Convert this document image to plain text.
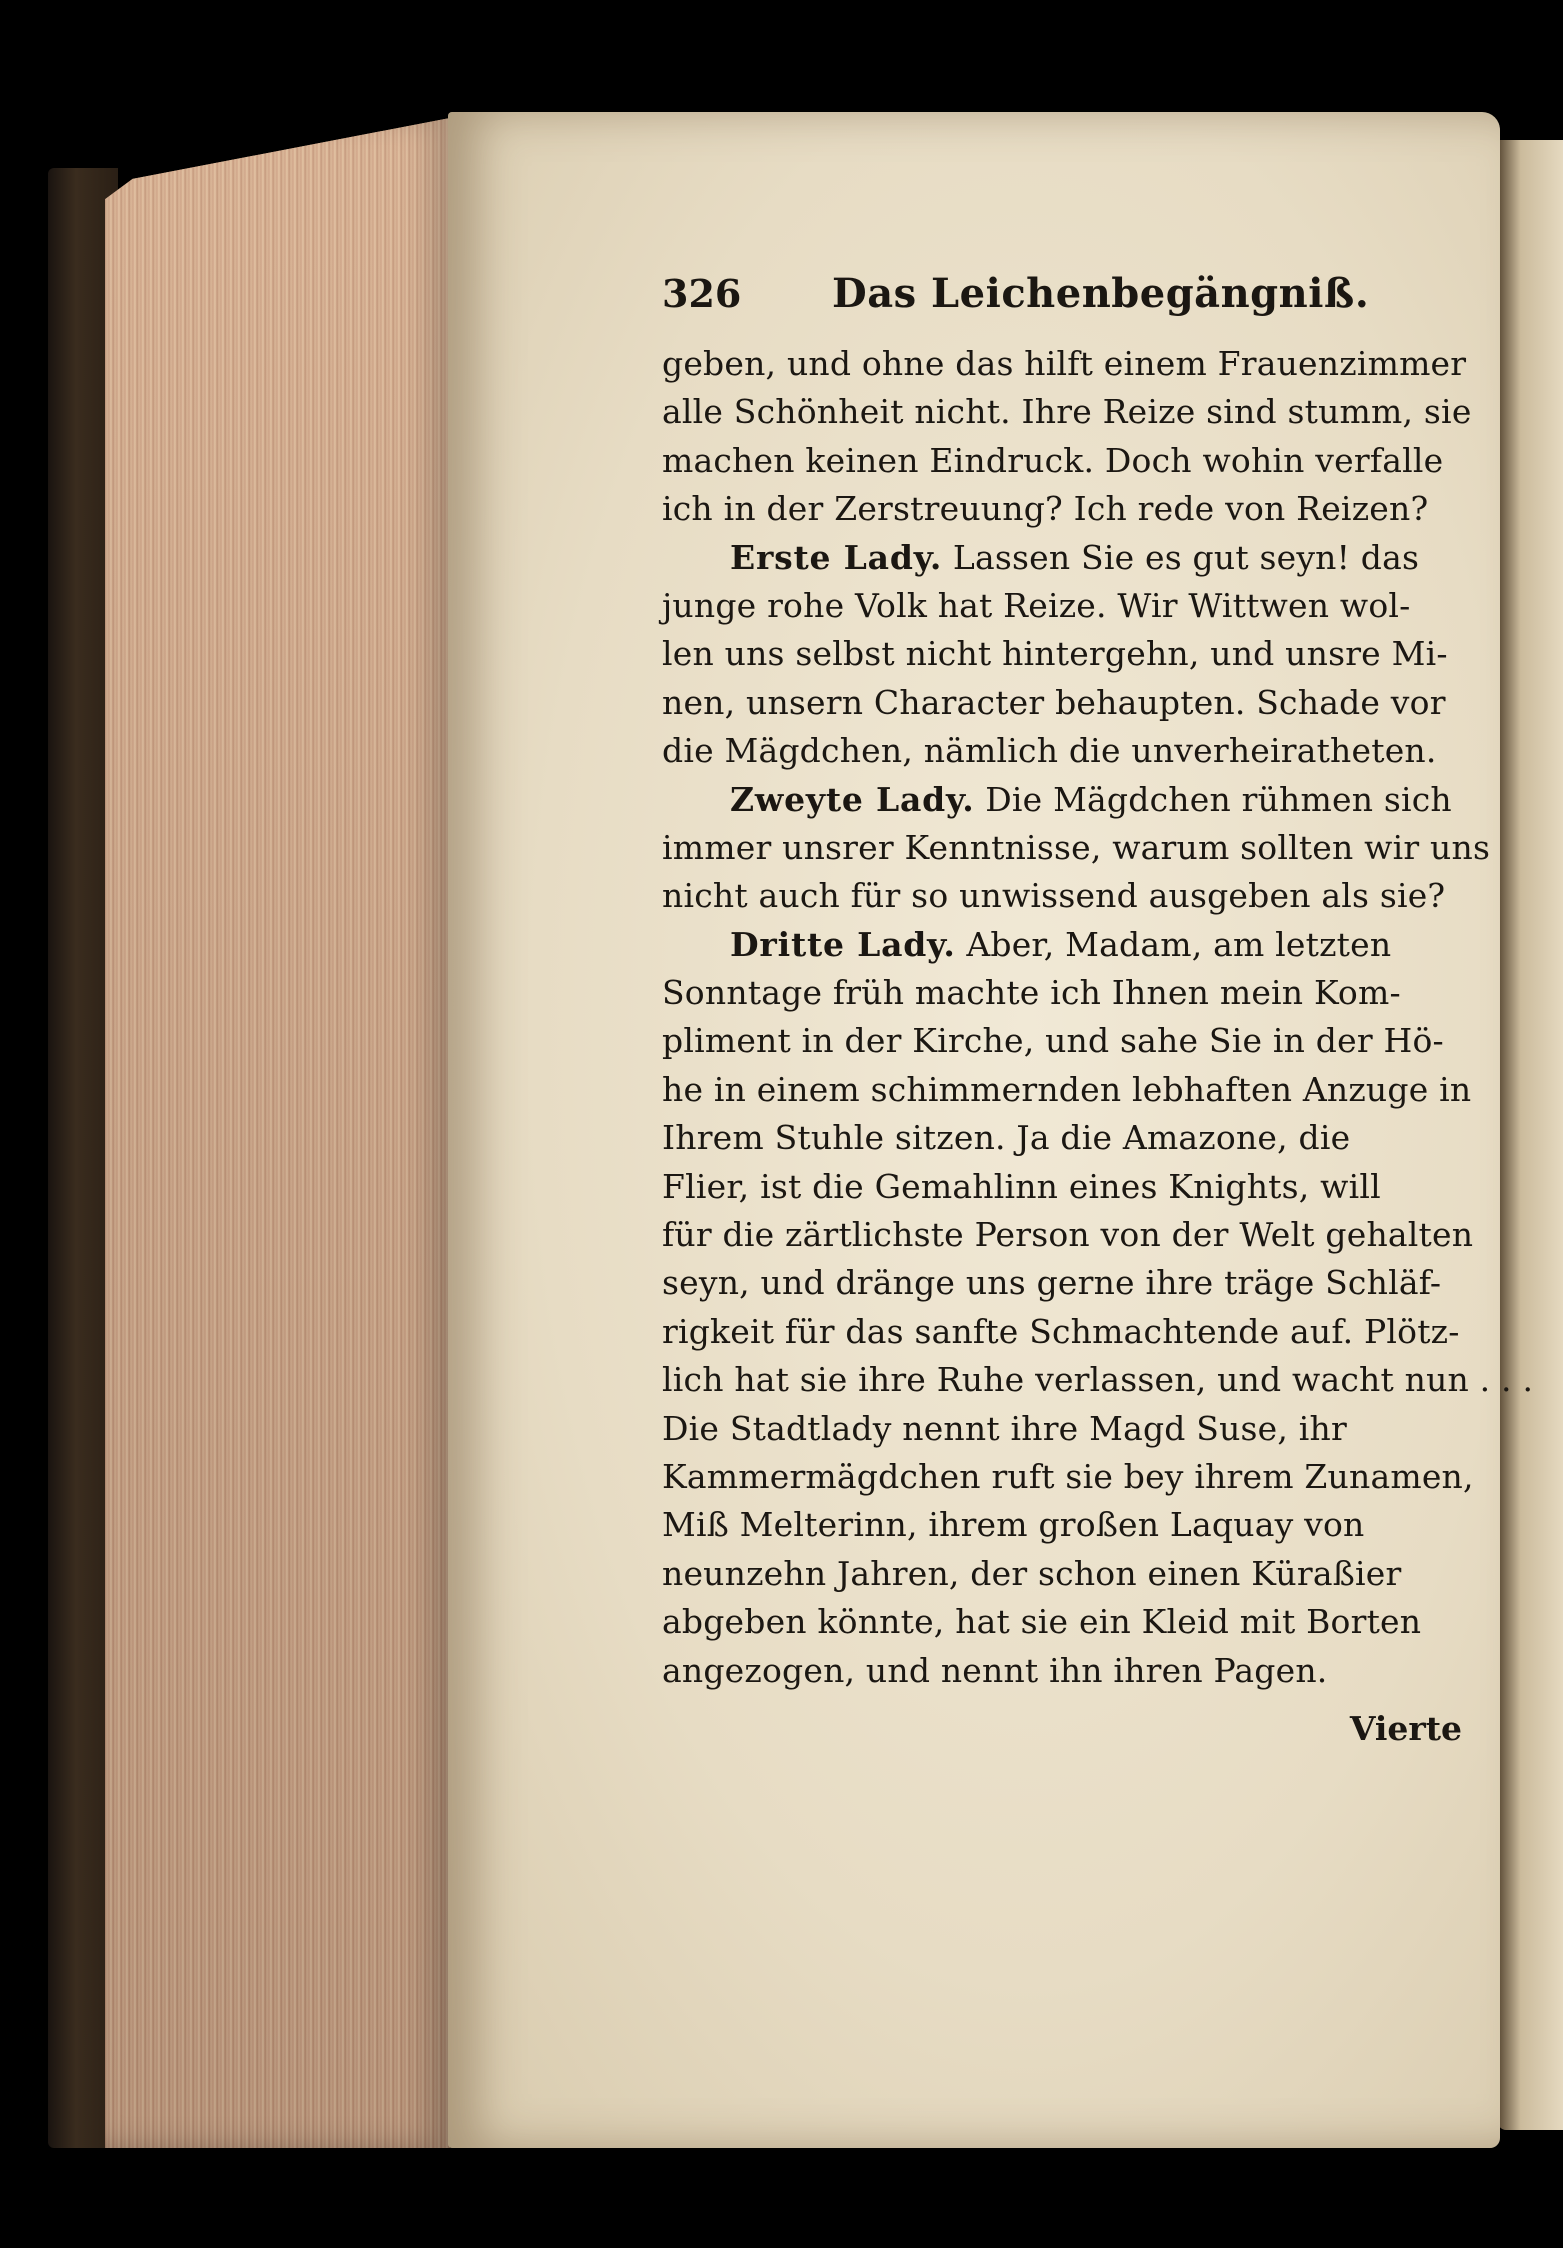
326	Das Leichenbegängniß.
geben, und ohne das hilft einem Frauenzimmer
alle Schönheit nicht. Ihre Reize sind stumm, sie
machen keinen Eindruck. Doch wohin verfalle
ich in der Zerstreuung? Ich rede von Reizen?
Erste Lady. Lassen Sie es gut seyn! das
junge rohe Volk hat Reize. Wir Wittwen wol-
len uns selbst nicht hintergehn, und unsre Mi-
nen, unsern Character behaupten. Schade vor
die Mägdchen, nämlich die unverheiratheten.
Zweyte Lady. Die Mägdchen rühmen sich
immer unsrer Kenntnisse, warum sollten wir uns
nicht auch für so unwissend ausgeben als sie?
Dritte Lady. Aber, Madam, am letzten
Sonntage früh machte ich Ihnen mein Kom-
pliment in der Kirche, und sahe Sie in der Hö-
he in einem schimmernden lebhaften Anzuge in
Ihrem Stuhle sitzen. Ja die Amazone, die
Flier, ist die Gemahlinn eines Knights, will
für die zärtlichste Person von der Welt gehalten
seyn, und dränge uns gerne ihre träge Schläf-
rigkeit für das sanfte Schmachtende auf. Plötz-
lich hat sie ihre Ruhe verlassen, und wacht nun . . .
Die Stadtlady nennt ihre Magd Suse, ihr
Kammermägdchen ruft sie bey ihrem Zunamen,
Miß Melterinn, ihrem großen Laquay von
neunzehn Jahren, der schon einen Küraßier
abgeben könnte, hat sie ein Kleid mit Borten
angezogen, und nennt ihn ihren Pagen.
Vierte
